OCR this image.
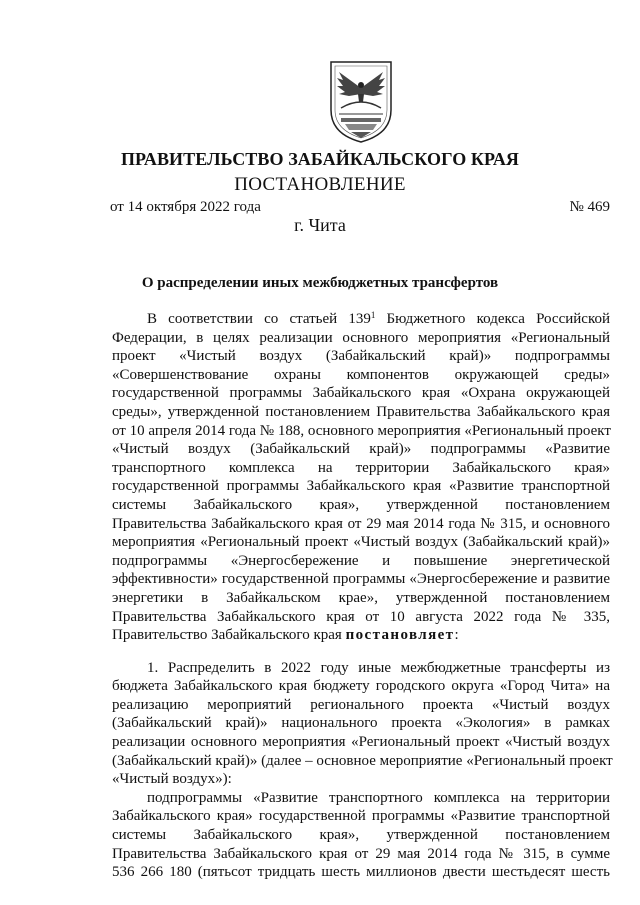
ПРАВИТЕЛЬСТВО ЗАБАЙКАЛЬСКОГО КРАЯ
ПОСТАНОВЛЕНИЕ
от 14 октября 2022 года	№ 469
г. Чита
О распределении иных межбюджетных трансфертов
В соответствии со статьей $139^1$ Бюджетного кодекса Российской
Федерации, в целях реализации основного мероприятия «Региональный
проект «Чистый воздух (Забайкальский край)» подпрограммы
«Совершенствование охраны компонентов окружающей среды»
государственной программы Забайкальского края «Охрана окружающей
среды», утвержденной постановлением Правительства Забайкальского края
от 10 апреля 2014 года № 188, основного мероприятия «Региональный проект
«Чистый воздух (Забайкальский край)» подпрограммы «Развитие
транспортного комплекса на территории Забайкальского края»
государственной программы Забайкальского края «Развитие транспортной
системы Забайкальского края», утвержденной постановлением
Правительства Забайкальского края от 29 мая 2014 года № 315, и основного
мероприятия «Региональный проект «Чистый воздух (Забайкальский край)»
подпрограммы «Энергосбережение и повышение энергетической
эффективности» государственной программы «Энергосбережение и развитие
энергетики в Забайкальском крае», утвержденной постановлением
Правительства Забайкальского края от 10 августа 2022 года № 335,
Правительство Забайкальского края постановляет:
1. Распределить в 2022 году иные межбюджетные трансферты из
бюджета Забайкальского края бюджету городского округа «Город Чита» на
реализацию мероприятий регионального проекта «Чистый воздух
(Забайкальский край)» национального проекта «Экология» в рамках
реализации основного мероприятия «Региональный проект «Чистый воздух
(Забайкальский край)» (далее – основное мероприятие «Региональный проект
«Чистый воздух»):
подпрограммы «Развитие транспортного комплекса на территории
Забайкальского края» государственной программы «Развитие транспортной
системы Забайкальского края», утвержденной постановлением
Правительства Забайкальского края от 29 мая 2014 года № 315, в сумме
536 266 180 (пятьсот тридцать шесть миллионов двести шестьдесят шесть
